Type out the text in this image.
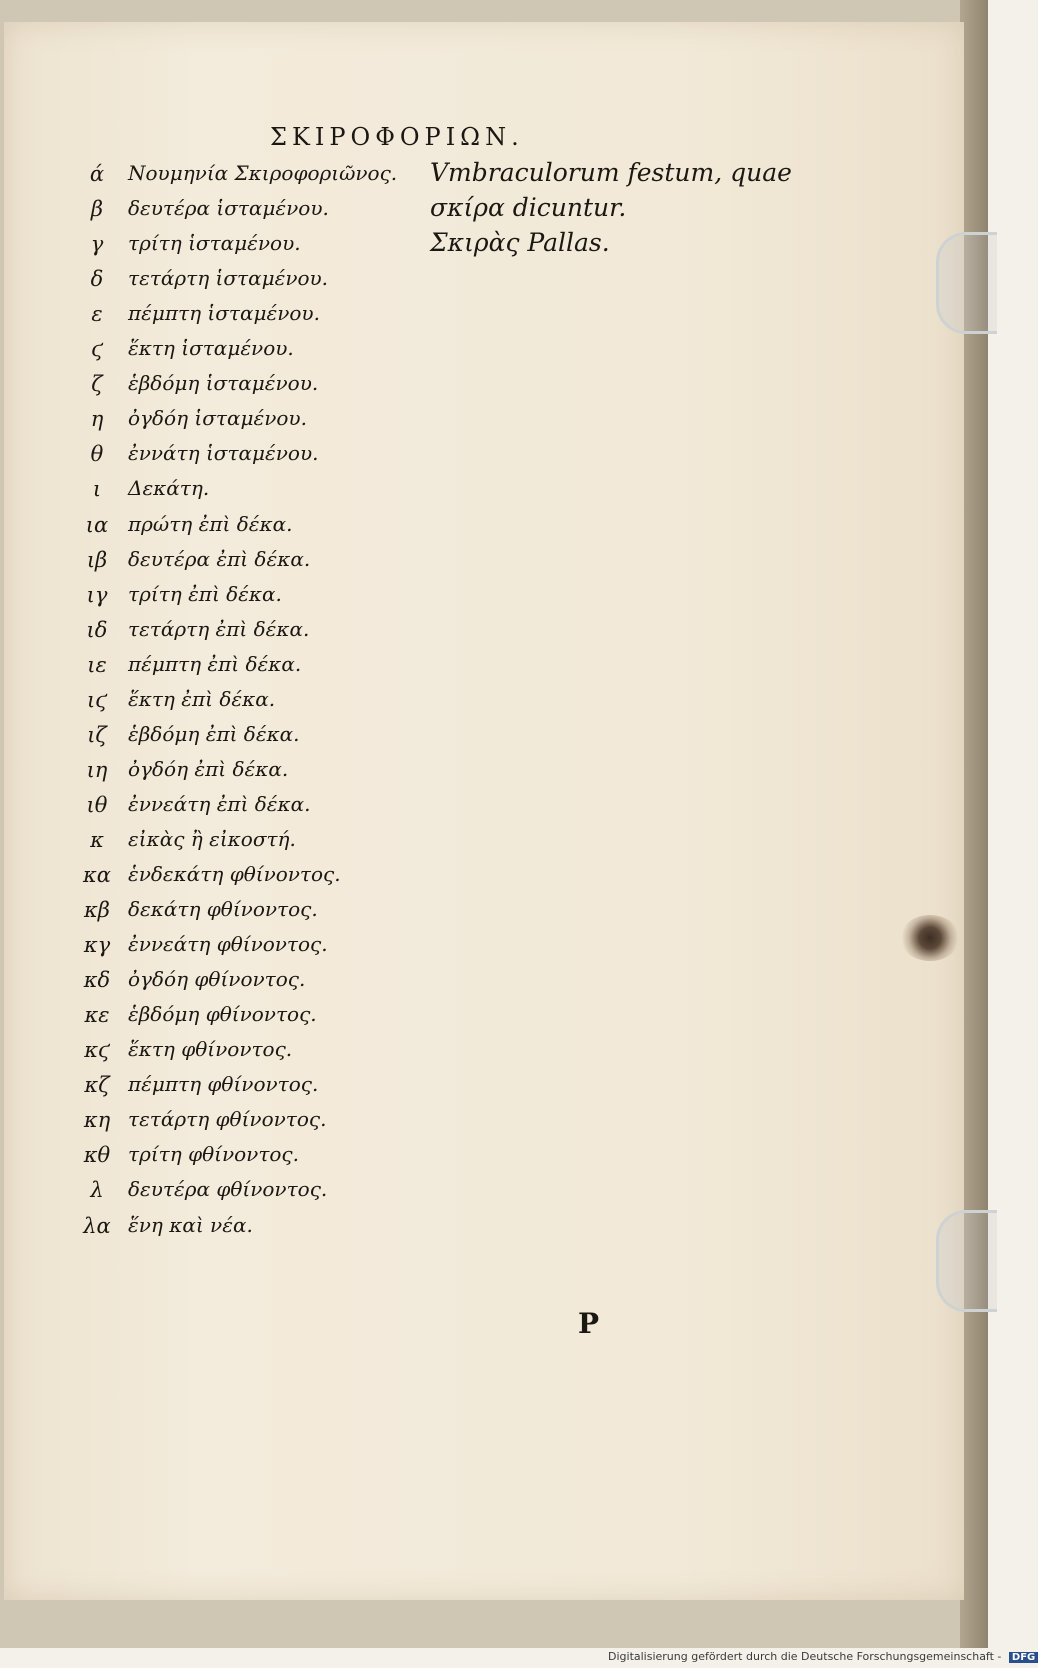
ΣΚΙΡΟΦΟΡΙΩΝ.
ά	Νουμηνία Σκιροφοριῶνος. Vmbraculorum festum, quae
β	δευτέρα ἱσταμένου.	σκίρα dicuntur.
γ	τρίτη ἱσταμένου.	Σκιρὰς Pallas.
δ	τετάρτη ἱσταμένου.
ε	πέμπτη ἱσταμένου.
ϛ	ἕκτη ἱσταμένου.
ζ	ἑβδόμη ἱσταμένου.
η	ὀγδόη ἱσταμένου.
θ	ἐννάτη ἱσταμένου.
ι	Δεκάτη.
ια πρώτη ἐπὶ δέκα.
ιβ	δευτέρα ἐπὶ δέκα.
ιγ	τρίτη ἐπὶ δέκα.
ιδ	τετάρτη ἐπὶ δέκα.
ιε	πέμπτη ἐπὶ δέκα.
ιϛ	ἕκτη ἐπὶ δέκα.
ιζ	ἑβδόμη ἐπὶ δέκα.
ιη	ὀγδόη ἐπὶ δέκα.
ιθ	ἐννεάτη ἐπὶ δέκα.
κ	εἰκὰς ἢ εἰκοστή.
κα ἑνδεκάτη φθίνοντος.
κβ δεκάτη φθίνοντος.
κγ ἐννεάτη φθίνοντος.
κδ ὀγδόη φθίνοντος.
κε ἑβδόμη φθίνοντος.
κϛ ἕκτη φθίνοντος.
κζ πέμπτη φθίνοντος.
κη τετάρτη φθίνοντος.
κθ τρίτη φθίνοντος.
λ	δευτέρα φθίνοντος.
λα ἕνη καὶ νέα.
P
Digitalisierung gefördert durch die Deutsche Forschungsgemeinschaft - DFG
